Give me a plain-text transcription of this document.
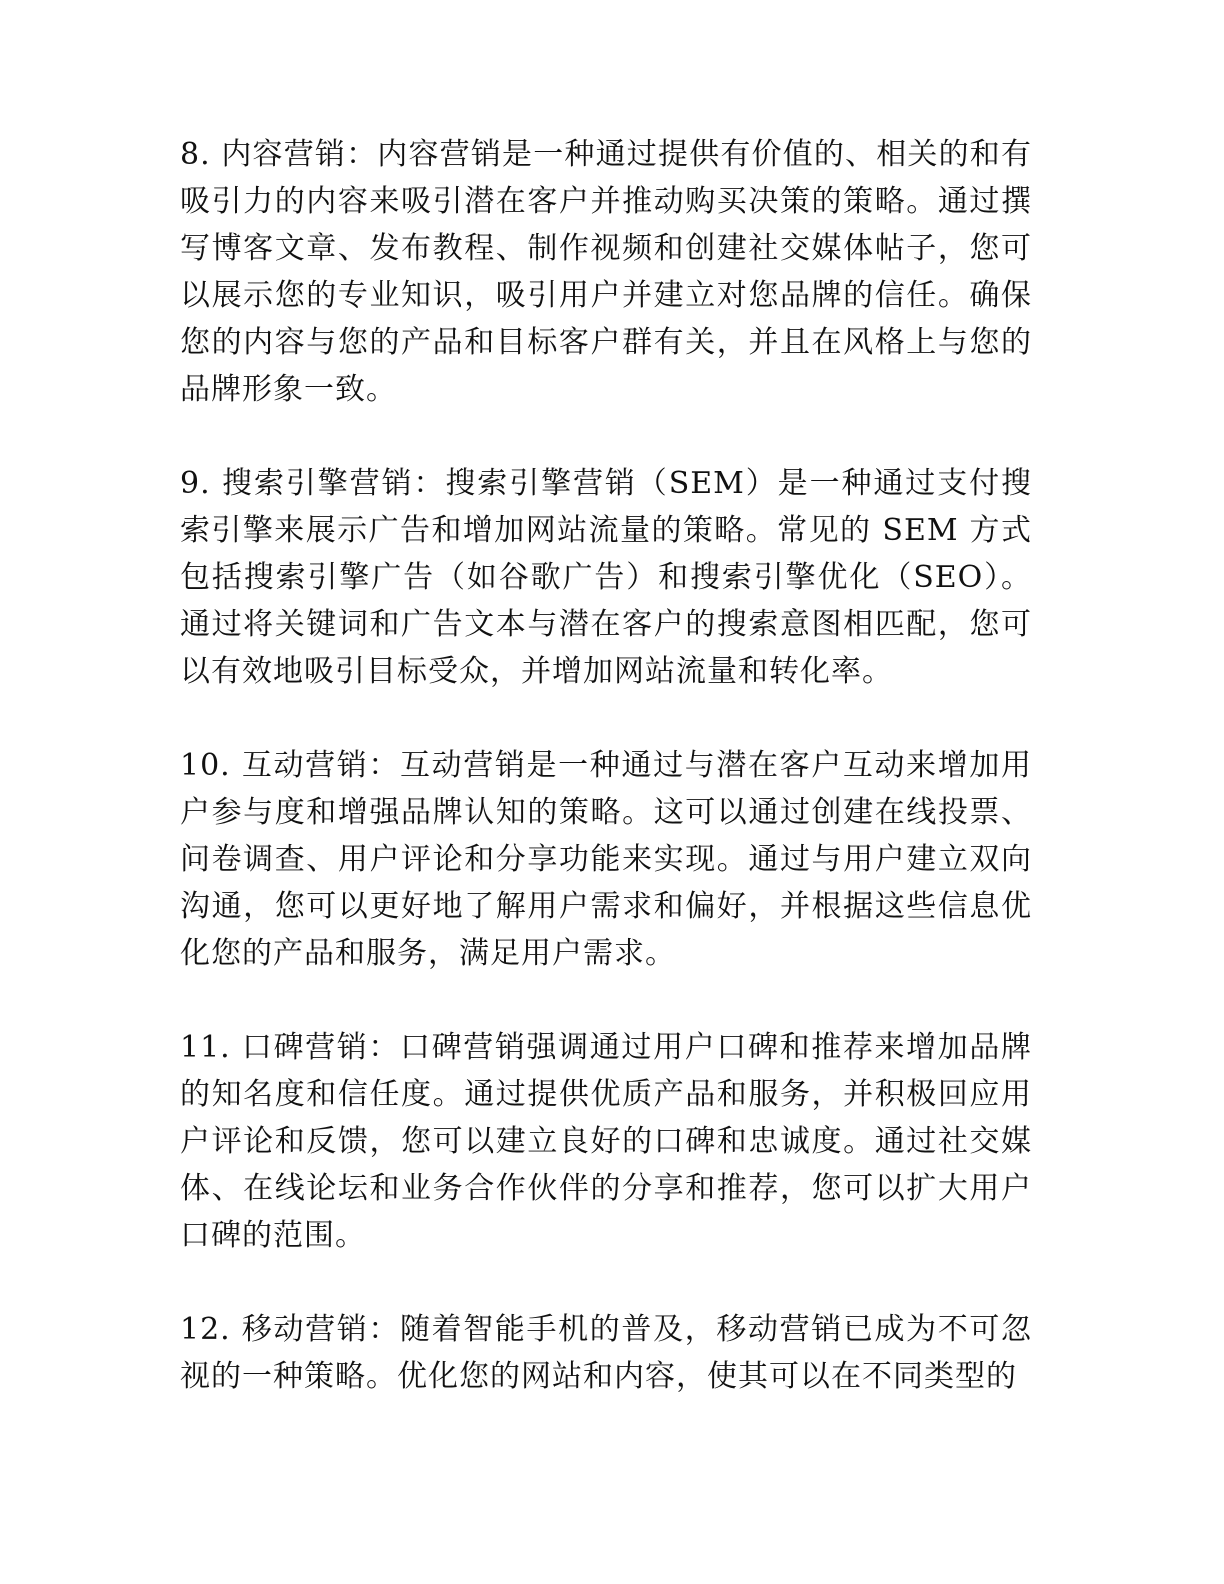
8. 内容营销：内容营销是一种通过提供有价值的、相关的和有吸引力的内容来吸引潜在客户并推动购买决策的策略。通过撰写博客文章、发布教程、制作视频和创建社交媒体帖子，您可以展示您的专业知识，吸引用户并建立对您品牌的信任。确保您的内容与您的产品和目标客户群有关，并且在风格上与您的品牌形象一致。

9. 搜索引擎营销：搜索引擎营销（SEM）是一种通过支付搜索引擎来展示广告和增加网站流量的策略。常见的 SEM 方式包括搜索引擎广告（如谷歌广告）和搜索引擎优化（SEO）。通过将关键词和广告文本与潜在客户的搜索意图相匹配，您可以有效地吸引目标受众，并增加网站流量和转化率。

10. 互动营销：互动营销是一种通过与潜在客户互动来增加用户参与度和增强品牌认知的策略。这可以通过创建在线投票、问卷调查、用户评论和分享功能来实现。通过与用户建立双向沟通，您可以更好地了解用户需求和偏好，并根据这些信息优化您的产品和服务，满足用户需求。

11. 口碑营销：口碑营销强调通过用户口碑和推荐来增加品牌的知名度和信任度。通过提供优质产品和服务，并积极回应用户评论和反馈，您可以建立良好的口碑和忠诚度。通过社交媒体、在线论坛和业务合作伙伴的分享和推荐，您可以扩大用户口碑的范围。

12. 移动营销：随着智能手机的普及，移动营销已成为不可忽视的一种策略。优化您的网站和内容，使其可以在不同类型的
